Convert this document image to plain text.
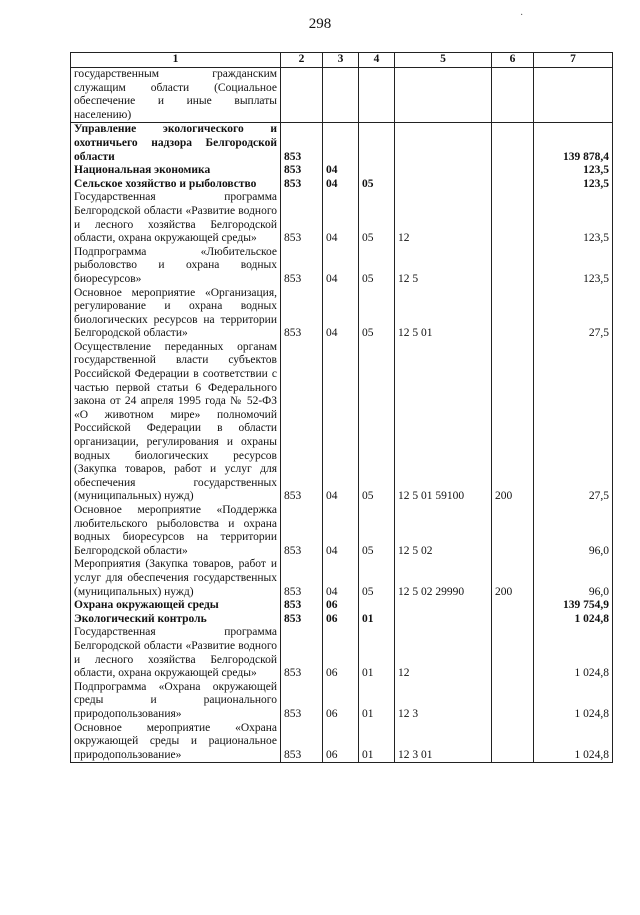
298
·
1	2	3	4	5	6	7
государственным гражданским служащим области (Социальное обеспечение и иные выплаты населению)						
Управление экологического и охотничьего надзора Белгородской области	853					139 878,4
Национальная экономика	853	04				123,5
Сельское хозяйство и рыболовство	853	04	05			123,5
Государственная программа Белгородской области «Развитие водного и лесного хозяйства Белгородской области, охрана окружающей среды»	853	04	05	12		123,5
Подпрограмма «Любительское рыболовство и охрана водных биоресурсов»	853	04	05	12 5		123,5
Основное мероприятие «Организация, регулирование и охрана водных биологических ресурсов на территории Белгородской области»	853	04	05	12 5 01		27,5
Осуществление переданных органам государственной власти субъектов Российской Федерации в соответствии с частью первой статьи 6 Федерального закона от 24 апреля 1995 года № 52-ФЗ «О животном мире» полномочий Российской Федерации в области организации, регулирования и охраны водных биологических ресурсов (Закупка товаров, работ и услуг для обеспечения государственных (муниципальных) нужд)	853	04	05	12 5 01 59100	200	27,5
Основное мероприятие «Поддержка любительского рыболовства и охрана водных биоресурсов на территории Белгородской области»	853	04	05	12 5 02		96,0
Мероприятия (Закупка товаров, работ и услуг для обеспечения государственных (муниципальных) нужд)	853	04	05	12 5 02 29990	200	96,0
Охрана окружающей среды	853	06				139 754,9
Экологический контроль	853	06	01			1 024,8
Государственная программа Белгородской области «Развитие водного и лесного хозяйства Белгородской области, охрана окружающей среды»	853	06	01	12		1 024,8
Подпрограмма «Охрана окружающей среды и рационального природопользования»	853	06	01	12 3		1 024,8
Основное мероприятие «Охрана окружающей среды и рациональное природопользование»	853	06	01	12 3 01		1 024,8
